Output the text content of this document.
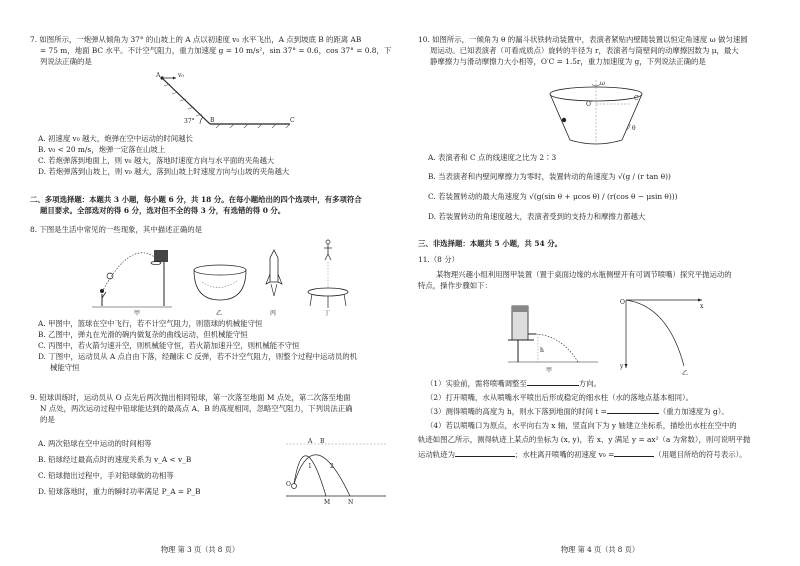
7. 如图所示，一炮弹从倾角为 37° 的山坡上的 A 点以初速度 v₀ 水平飞出，A 点到坡底 B 的距离 AB
= 75 m，地面 BC 水平。不计空气阻力，重力加速度 g = 10 m/s²，sin 37° = 0.6，cos 37° = 0.8，下
列说法正确的是
A	v₀
37°	B	C
A. 初速度 v₀ 越大，炮弹在空中运动的时间越长
B. v₀ < 20 m/s，炮弹一定落在山坡上
C. 若炮弹落到地面上，则 v₀ 越大，落地时速度方向与水平面的夹角越大
D. 若炮弹落到山坡上，则 v₀ 越大，落到山坡上时速度方向与山坡的夹角越大
二、多项选择题：本题共 3 小题，每小题 6 分，共 18 分。在每小题给出的四个选项中，有多项符合
题目要求。全部选对的得 6 分，选对但不全的得 3 分，有选错的得 0 分。
8. 下图是生活中常见的一些现象，其中描述正确的是
甲	乙	丙	丁
A. 甲图中，篮球在空中飞行，若不计空气阻力，则篮球的机械能守恒
B. 乙图中，弹丸在光滑的碗内做复杂的曲线运动，但机械能守恒
C. 丙图中，若火箭匀速升空，则机械能守恒，若火箭加速升空，则机械能不守恒
D. 丁图中，运动员从 A 点自由下落，经蹦床 C 反弹，若不计空气阻力，则整个过程中运动员的机
械能守恒
9. 铅球训练时，运动员从 O 点先后两次抛出相同铅球，第一次落至地面 M 点处，第二次落至地面
N 点处，两次运动过程中铅球能达到的最高点 A、B 的高度相同，忽略空气阻力，下列说法正确
的是
A. 两次铅球在空中运动的时间相等
B. 铅球经过最高点时的速度关系为 v_A < v_B
C. 铅球抛出过程中，手对铅球做的功相等
D. 铅球落地时，重力的瞬时功率满足 P_A = P_B
A B
1	2
O
M	N
物理 第 3 页（共 8 页）
10. 如图所示，一倾角为 θ 的漏斗状铁转动装置中，表演者紧贴内壁随装置以恒定角速度 ω 做匀速圆
周运动。已知表演者（可看成质点）旋转的半径为 r，表演者与筒壁间的动摩擦因数为 μ，最大
静摩擦力与滑动摩擦力大小相等，O′C = 1.5r，重力加速度为 g，下列说法正确的是
ω
O′
C
θ
A. 表演者和 C 点的线速度之比为 2∶3
B. 当表演者和内壁间摩擦力为零时，装置转动的角速度为 √(g / (r tan θ))
C. 若装置转动的最大角速度为 √(g(sin θ + μcos θ) / (r(cos θ − μsin θ)))
D. 若装置转动的角速度越大，表演者受到的支持力和摩擦力都越大
三、非选择题：本题共 5 小题，共 54 分。
11.（8 分）
某物理兴趣小组利用图甲装置（置于桌面边缘的水瓶侧壁开有可调节喷嘴）探究平抛运动的
特点，操作步骤如下：
h
甲
O
x
y
乙
（1）实验前，需将喷嘴调整至	方向。
（2）打开喷嘴，水从喷嘴水平喷出后形成稳定的细水柱（水的落地点基本相同）。
（3）测得喷嘴的高度为 h，则水下落到地面的时间 t =	（重力加速度为 g）。
（4）若以喷嘴口为原点，水平向右为 x 轴，竖直向下为 y 轴建立坐标系，描绘出水柱在空中的
轨迹如图乙所示，测得轨迹上某点的坐标为 (x, y)，若 x、y 满足 y = ax²（a 为常数），则可说明平抛
运动轨迹为	；水柱离开喷嘴的初速度 v₀ =	（用题目所给的符号表示）。
物理 第 4 页（共 8 页）
